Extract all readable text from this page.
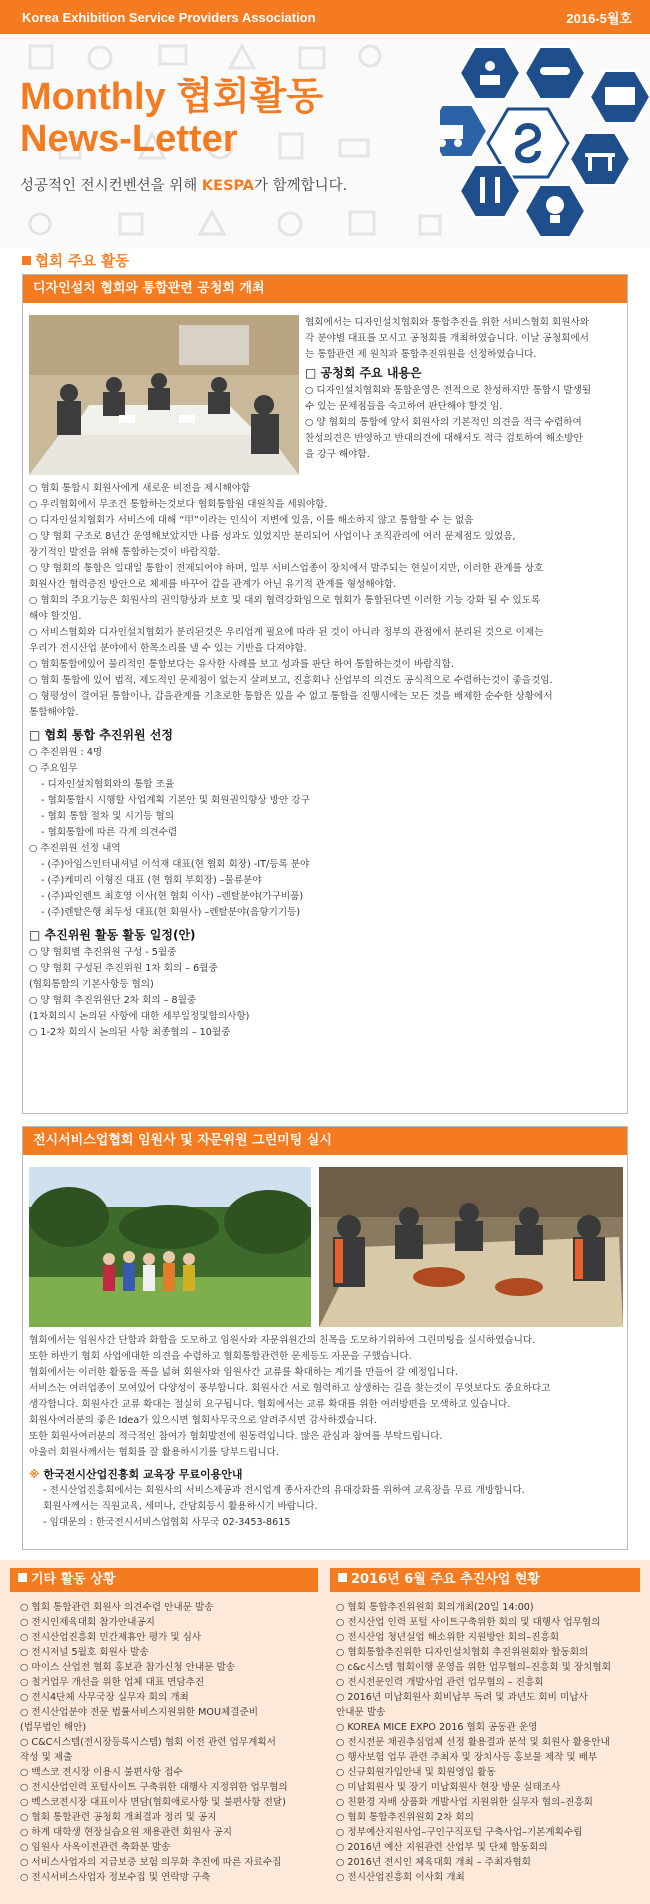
Korea Exhibition Service Providers Association	2016-5월호
Monthly 협회활동
News-Letter
성공적인 전시컨벤션을 위해 KESPA가 함께합니다.
협회 주요 활동
디자인설치 협회와 통합관련 공청회 개최
협회에서는 디자인설치협회와 통합추진을 위한 서비스협회 회원사와
각 분야별 대표를 모시고 공청회를 개최하였습니다. 이날 공청회에서
는 통합관련 제 원칙과 통합추진위원을 선정하였습니다.
□ 공청회 주요 내용은
○ 디자인설치협회와 통합운영은 전적으로 찬성하지만 통합시 발생될
수 있는 문제점들을 숙고하여 판단해야 할것 임.
○ 양 협회의 통합에 앞서 회원사의 기본적인 의견을 적극 수렴하여
찬성의견은 반영하고 반대의견에 대해서도 적극 검토하여 해소방안
을 강구 해야함.
○ 협회 통합시 회원사에게 새로운 비전을 제시해야함
○ 우리협회에서 무조건 통합하는것보다 협회통합원 대원칙을 세워야함.
○ 디자인설치협회가 서비스에 대해 “甲”이라는 인식이 저변에 있음, 이를 해소하지 않고 통합할 수 는 없음
○ 양 협회 구조로 8년간 운영해보았지만 나름 성과도 있었지만 분리되어 사업이나 조직관리에 여러 문제점도 있었음,
장기적인 발전을 위해 통합하는것이 바람직함.
○ 양 협회의 통합은 일대일 통합이 전제되어야 하며, 일부 서비스업종이 장치에서 발주되는 현실이지만, 이러한 관계를 상호
회원사간 협력증진 방안으로 체제를 바꾸어 갑을 관계가 아닌 유기적 관계를 형성해야함.
○ 협회의 주요기능은 회원사의 권익향상과 보호 및 대외 협력강화임으로 협회가 통합된다면 이러한 기능 강화 될 수 있도록
해야 할것임.
○ 서비스협회와 디자인설치협회가 분리된것은 우리업계 필요에 따라 된 것이 아니라 정부의 관점에서 분리된 것으로 이제는
우리가 전시산업 분야에서 한목소리를 낼 수 있는 기반을 다져야함.
○ 협회통합에있어 물리적인 통합보다는 유사한 사례를 보고 성과를 판단 하여 통합하는것이 바람직함.
○ 협회 통합에 있어 법적, 제도적인 문제점이 없는지 살펴보고, 진흥회나 산업부의 의견도 공식적으로 수렴하는것이 좋을것임.
○ 형평성이 결여된 통합이나, 갑을관계를 기초로한 통합은 있을 수 없고 통합을 진행시에는 모든 것을 배제한 순수한 상황에서
통합해야함.
□ 협회 통합 추진위원 선정
○ 추진위원 : 4명
○ 주요임무
- 디자인설치협회와의 통합 조율
- 협회통합시 시행할 사업계획 기본안 및 회원권익향상 방안 강구
- 협회 통합 절차 및 시기등 협의
- 협회통합에 따른 각계 의견수렴
○ 추진위원 선정 내역
- (주)아임스인터내셔널 이석재 대표(현 협회 회장) -IT/등록 분야
- (주)케미리 이형진 대표 (현 협회 부회장) –물류분야
- (주)파인렌트 최호영 이사(현 협회 이사) –렌탈분야(가구비품)
- (주)렌탈은행 최두성 대표(현 회원사) –렌탈분야(음향기기등)
□ 추진위원 활동 활동 일정(안)
○ 양 협회별 추진위원 구성 - 5월중
○ 양 협회 구성된 추진위원 1차 회의 – 6월중
(협회통합의 기본사항등 협의)
○ 양 협회 추진위원단 2차 회의 – 8월중
(1차회의시 논의된 사항에 대한 세부일정및합의사항)
○ 1-2차 회의시 논의된 사항 최종협의 – 10월중
전시서비스업협회 임원사 및 자문위원 그린미팅 실시
협회에서는 임원사간 단합과 화합을 도모하고 임원사와 자문위원간의 친목을 도모하기위하여 그린미팅을 실시하였습니다.
또한 하반기 협회 사업에대한 의견을 수렴하고 협회통합관련한 문제등도 자문을 구했습니다.
협회에서는 이러한 활동을 폭을 넓혀 회원사와 임원사간 교류를 확대하는 계기를 만들어 갈 예정입니다.
서비스는 여러업종이 모여있어 다양성이 풍부합니다. 회원사간 서로 협력하고 상생하는 길을 찾는것이 무엇보다도 중요하다고
생각합니다. 회원사간 교류 확대는 절실히 요구됩니다. 협회에서는 교류 확대를 위한 여러방편을 모색하고 있습니다.
회원사여러분의 좋은 Idea가 있으시면 협회사무국으로 알려주시면 감사하겠습니다.
또한 회원사여러분의 적극적인 참여가 협회발전에 원동력입니다. 많은 관심과 참여를 부탁드립니다.
아울러 회원사께서는 협회를 잘 활용하시기를 당부드립니다.
※ 한국전시산업진흥회 교육장 무료이용안내
- 전시산업진흥회에서는 회원사의 서비스제공과 전시업계 종사자간의 유대강화를 위하여 교육장을 무료 개방합니다.
회원사께서는 직원교육, 세미나, 간담회등시 활용하시기 바랍니다.
- 임대문의 : 한국전시서비스업협회 사무국 02-3453-8615
기타 활동 상황	2016년 6월 주요 추진사업 현황
○ 협회 통합관련 회원사 의견수렴 안내문 발송
○ 전시인제육대회 참가안내공지
○ 전시산업진흥회 민간제휴안 평가 및 심사
○ 전시저널 5월호 회원사 발송
○ 마이스 산업전 협회 홍보관 참가신청 안내문 발송
○ 철거업무 개선을 위한 업체 대표 면담추진
○ 전시4단체 사무국장 실무자 회의 개최
○ 전시산업분야 전문 법률서비스지원위한 MOU체결준비
(법무법인 해안)
○ C&C시스템(전시장등록시스템) 협회 이전 관련 업무계획서
작성 및 제출
○ 백스코 전시장 이용시 불편사항 접수
○ 전시산업인력 포털사이트 구축위한 대행사 지정위한 업무협의
○ 벡스코전시장 대표이사 면담(협회애로사항 및 불편사항 전달)
○ 협회 통합관련 공청회 개최결과 정리 및 공지
○ 하계 대학생 현장실습요원 채용관련 회원사 공지
○ 임원사 사옥이전관련 축화분 발송
○ 서비스사업자의 지급보증 보험 의무화 추진에 따른 자료수집
○ 전시서비스사업자 정보수집 및 연락망 구축
○ 협회 통합추진위원회 회의개최(20일 14:00)
○ 전시산업 인력 포털 사이트구축위한 회의 및 대행사 업무협의
○ 전시산업 청년실업 해소위한 지원방안 회의–진흥회
○ 협회통합추진위한 디자인설치협회 추진위원회와 합동회의
○ c&c시스템 협회이행 운영을 위한 업무협의–진흥회 및 장치협회
○ 전시전문인력 개발사업 관련 업무협의 – 진흥회
○ 2016년 미납회원사 회비납부 독려 및 과년도 회비 미납사
안내문 발송
○ KOREA MICE EXPO 2016 협회 공동관 운영
○ 전시전문 채권추심업체 선정 활용결과 분석 및 회원사 활용안내
○ 행사보험 업무 관련 주최자 및 장치사등 홍보물 제작 및 배부
○ 신규회원가입안내 및 회원영입 활동
○ 미납회원사 및 장기 미납회원사 현장 방문 실태조사
○ 친환경 자배 상품화 개발사업 지원위한 실무자 협의–진흥회
○ 협회 통합추진위원회 2차 회의
○ 정부예산지원사업–구인구직포털 구축사업–기본계획수립
○ 2016년 예산 지원관련 산업부 및 단체 합동회의
○ 2016년 전시인 체육대회 개최 – 주최자협회
○ 전시산업진흥회 이사회 개최
